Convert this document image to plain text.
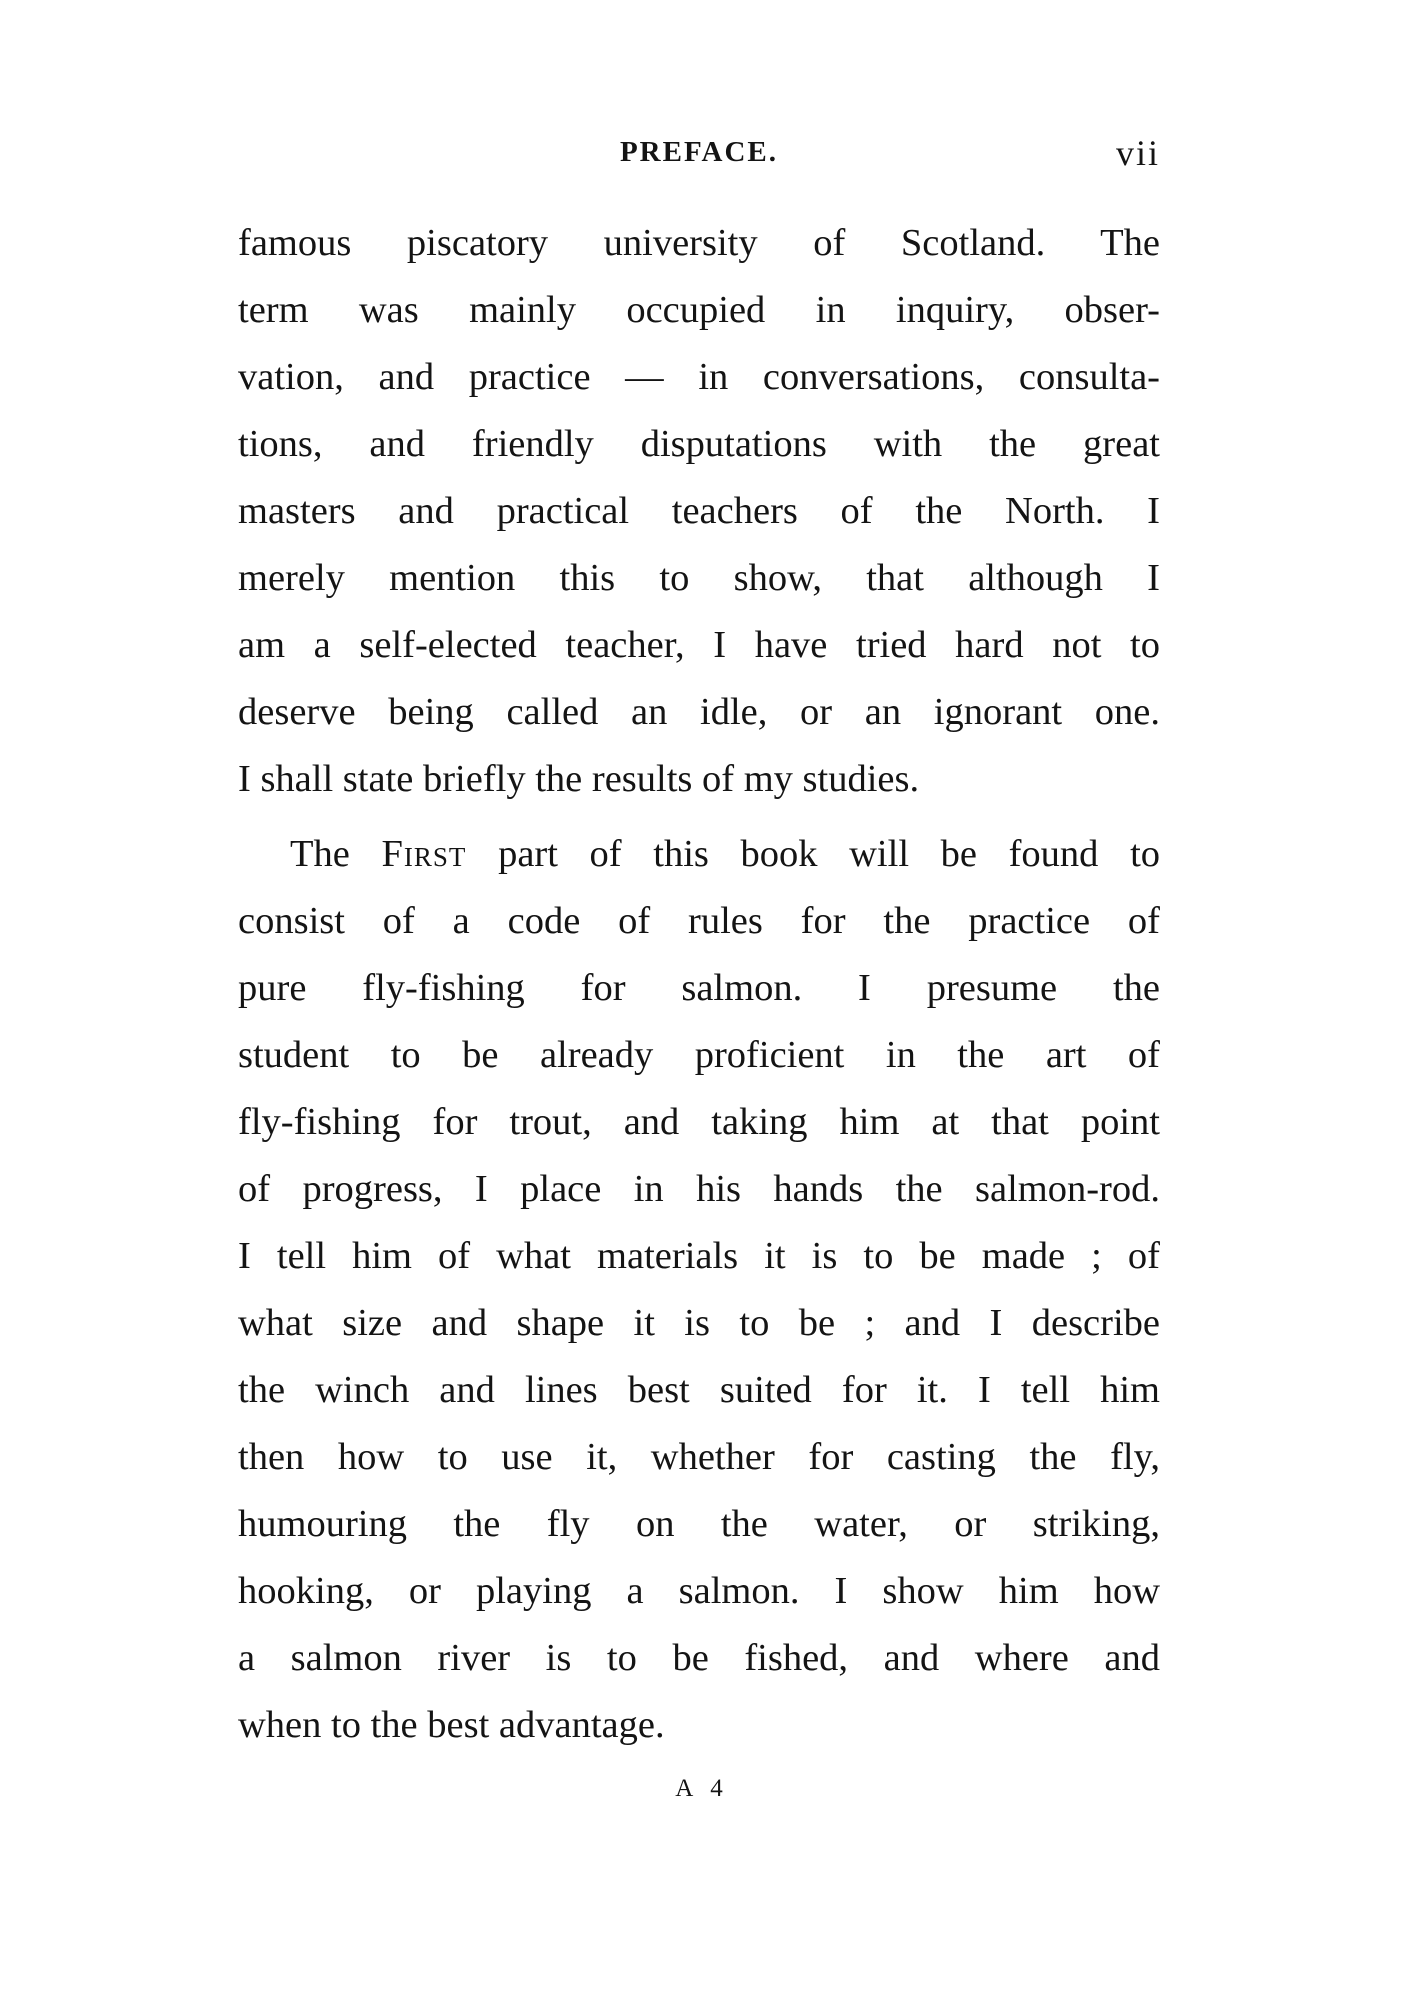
PREFACE.	vii
famous piscatory university of Scotland. The
term was mainly occupied in inquiry, obser-
vation, and practice — in conversations, consulta-
tions, and friendly disputations with the great
masters and practical teachers of the North. I
merely mention this to show, that although I
am a self-elected teacher, I have tried hard not to
deserve being called an idle, or an ignorant one.
I shall state briefly the results of my studies.
The First part of this book will be found to
consist of a code of rules for the practice of
pure fly-fishing for salmon. I presume the
student to be already proficient in the art of
fly-fishing for trout, and taking him at that point
of progress, I place in his hands the salmon-rod.
I tell him of what materials it is to be made ; of
what size and shape it is to be ; and I describe
the winch and lines best suited for it. I tell him
then how to use it, whether for casting the fly,
humouring the fly on the water, or striking,
hooking, or playing a salmon. I show him how
a salmon river is to be fished, and where and
when to the best advantage.
A 4
